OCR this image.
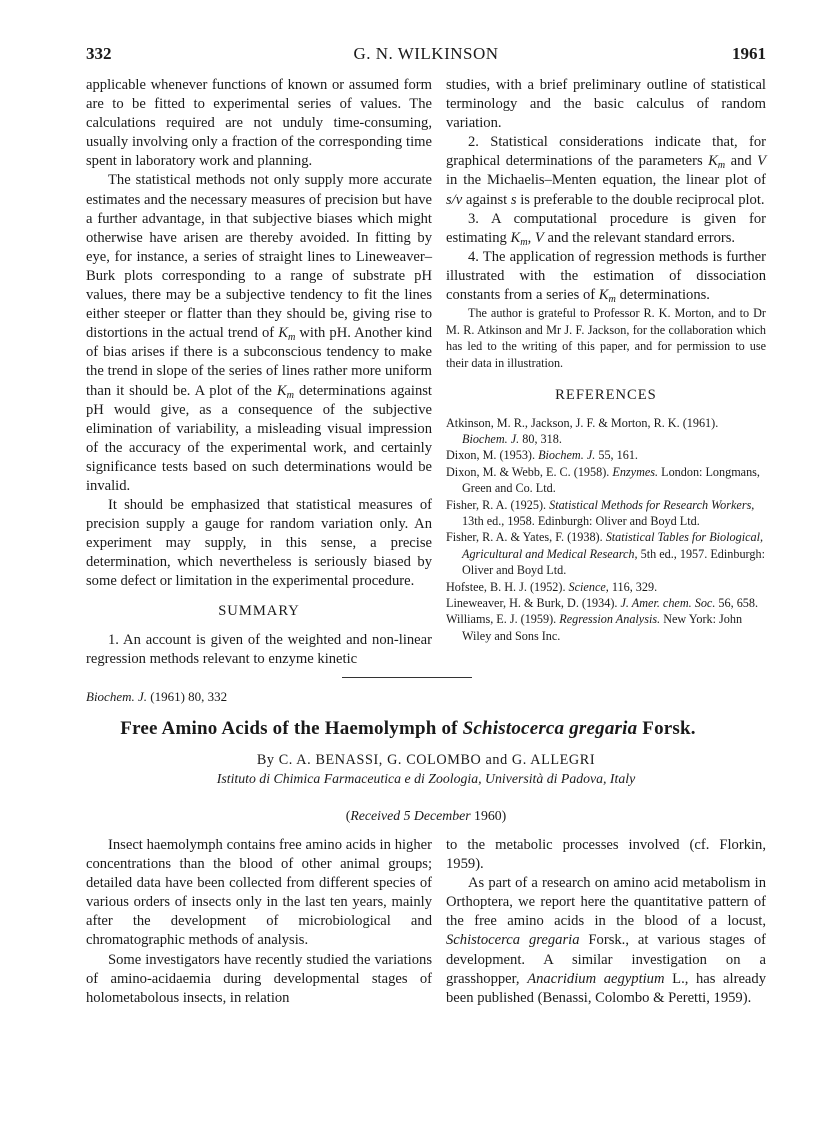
332	G. N. WILKINSON	1961

applicable whenever functions of known or assumed form are to be fitted to experimental series of values. The calculations required are not unduly time-consuming, usually involving only a fraction of the corresponding time spent in laboratory work and planning.

The statistical methods not only supply more accurate estimates and the necessary measures of precision but have a further advantage, in that subjective biases which might otherwise have arisen are thereby avoided. In fitting by eye, for instance, a series of straight lines to Lineweaver–Burk plots corresponding to a range of substrate pH values, there may be a subjective tendency to fit the lines either steeper or flatter than they should be, giving rise to distortions in the actual trend of $K_m$ with pH. Another kind of bias arises if there is a subconscious tendency to make the trend in slope of the series of lines rather more uniform than it should be. A plot of the $K_m$ determinations against pH would give, as a consequence of the subjective elimination of variability, a misleading visual impression of the accuracy of the experimental work, and certainly significance tests based on such determinations would be invalid.

It should be emphasized that statistical measures of precision supply a gauge for random variation only. An experiment may supply, in this sense, a precise determination, which nevertheless is seriously biased by some defect or limitation in the experimental procedure.

SUMMARY

1. An account is given of the weighted and non-linear regression methods relevant to enzyme kinetic

studies, with a brief preliminary outline of statistical terminology and the basic calculus of random variation.

2. Statistical considerations indicate that, for graphical determinations of the parameters $K_m$ and V in the Michaelis–Menten equation, the linear plot of s/v against s is preferable to the double reciprocal plot.

3. A computational procedure is given for estimating $K_m$, V and the relevant standard errors.

4. The application of regression methods is further illustrated with the estimation of dissociation constants from a series of $K_m$ determinations.

The author is grateful to Professor R. K. Morton, and to Dr M. R. Atkinson and Mr J. F. Jackson, for the collaboration which has led to the writing of this paper, and for permission to use their data in illustration.

REFERENCES

Atkinson, M. R., Jackson, J. F. & Morton, R. K. (1961). Biochem. J. 80, 318.

Dixon, M. (1953). Biochem. J. 55, 161.

Dixon, M. & Webb, E. C. (1958). Enzymes. London: Longmans, Green and Co. Ltd.

Fisher, R. A. (1925). Statistical Methods for Research Workers, 13th ed., 1958. Edinburgh: Oliver and Boyd Ltd.

Fisher, R. A. & Yates, F. (1938). Statistical Tables for Biological, Agricultural and Medical Research, 5th ed., 1957. Edinburgh: Oliver and Boyd Ltd.

Hofstee, B. H. J. (1952). Science, 116, 329.

Lineweaver, H. & Burk, D. (1934). J. Amer. chem. Soc. 56, 658.

Williams, E. J. (1959). Regression Analysis. New York: John Wiley and Sons Inc.

Biochem. J. (1961) 80, 332
Free Amino Acids of the Haemolymph of Schistocerca gregaria Forsk.
By C. A. BENASSI, G. COLOMBO and G. ALLEGRI
Istituto di Chimica Farmaceutica e di Zoologia, Università di Padova, Italy
(Received 5 December 1960)

Insect haemolymph contains free amino acids in higher concentrations than the blood of other animal groups; detailed data have been collected from different species of various orders of insects only in the last ten years, mainly after the development of microbiological and chromatographic methods of analysis.

Some investigators have recently studied the variations of amino-acidaemia during developmental stages of holometabolous insects, in relation

to the metabolic processes involved (cf. Florkin, 1959).

As part of a research on amino acid metabolism in Orthoptera, we report here the quantitative pattern of the free amino acids in the blood of a locust, Schistocerca gregaria Forsk., at various stages of development. A similar investigation on a grasshopper, Anacridium aegyptium L., has already been published (Benassi, Colombo & Peretti, 1959).
